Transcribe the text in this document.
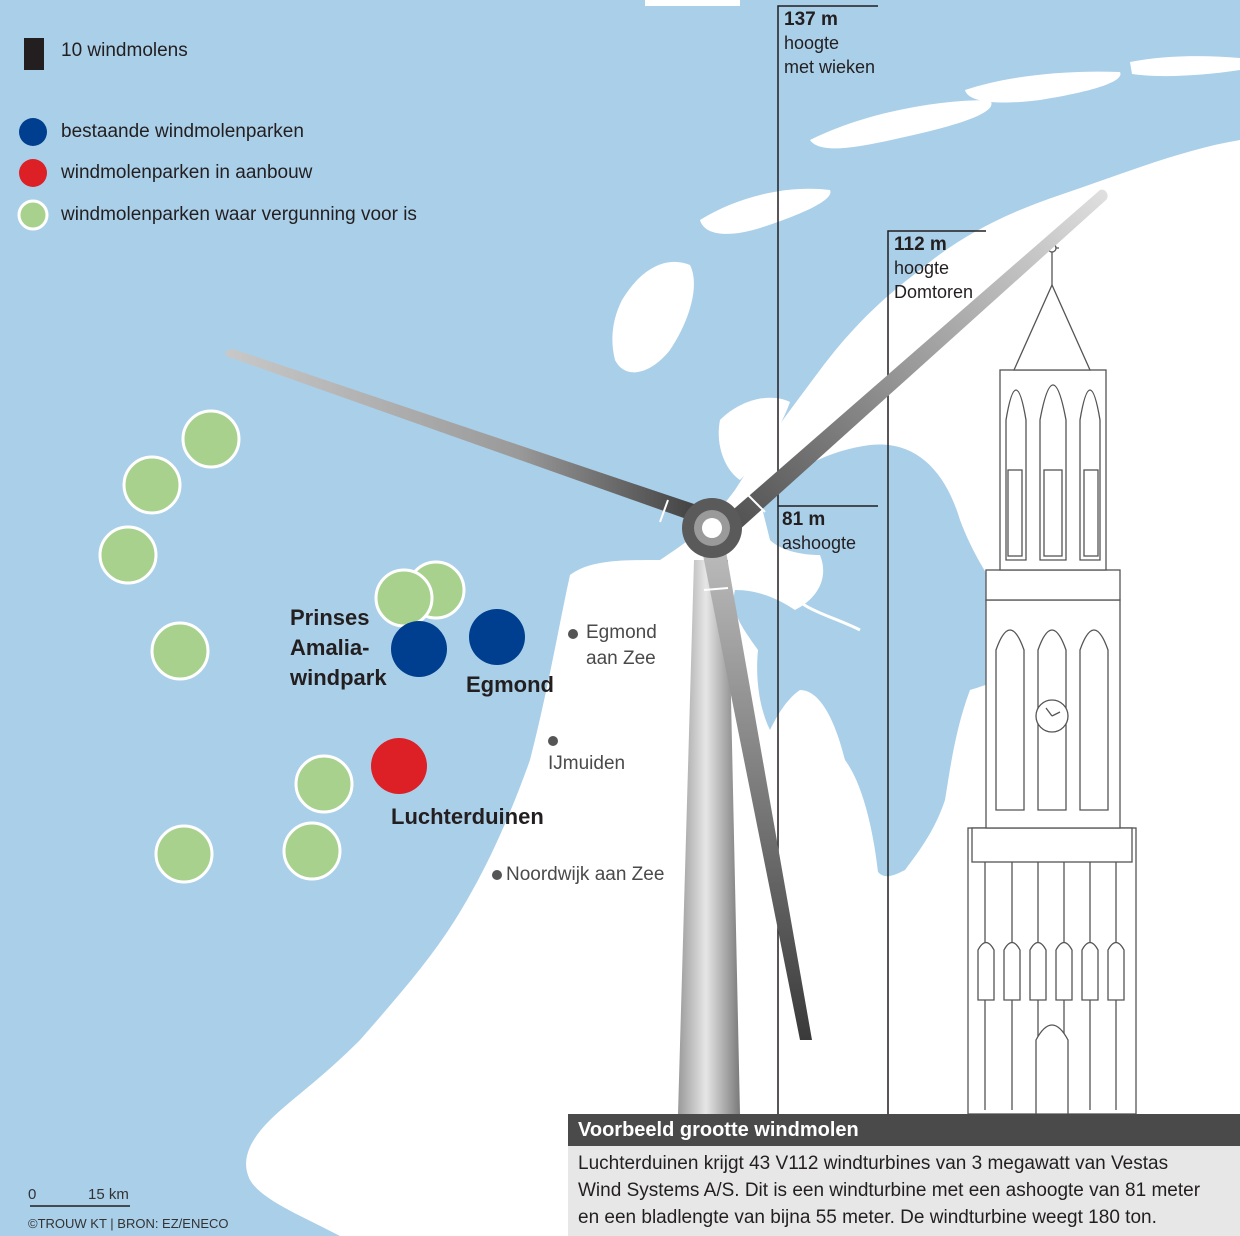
10 windmolens
bestaande windmolenparken
windmolenparken in aanbouw
windmolenparken waar vergunning voor is
Egmond
aan Zee
IJmuiden
Noordwijk aan Zee
Prinses
Amalia-
windpark	Egmond
Luchterduinen
137 m
hoogte
met wieken
112 m
hoogte
Domtoren
81 m
ashoogte
0	15 km
©TROUW KT | BRON: EZ/ENECO
Voorbeeld grootte windmolen
Luchterduinen krijgt 43 V112 windturbines van 3 megawatt van Vestas
Wind Systems A/S. Dit is een windturbine met een ashoogte van 81 meter
en een bladlengte van bijna 55 meter. De windturbine weegt 180 ton.
